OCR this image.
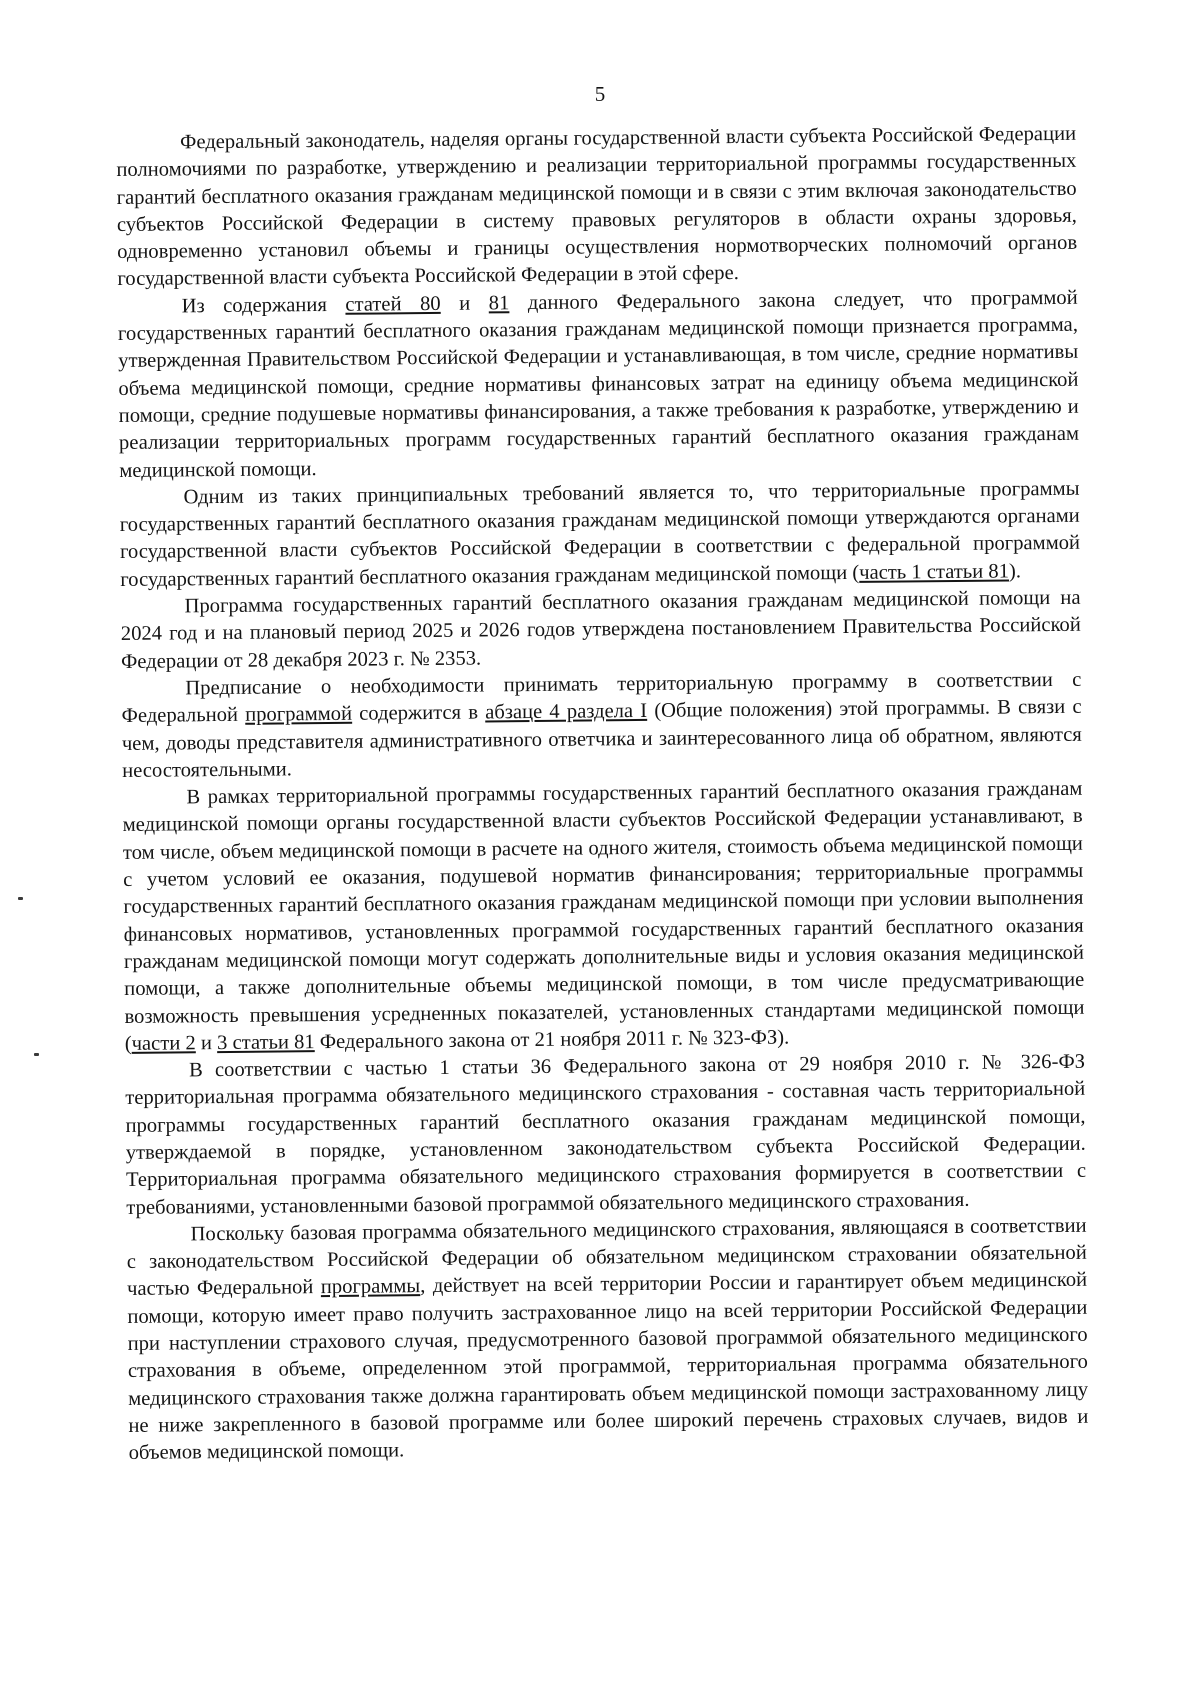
5

Федеральный законодатель, наделяя органы государственной власти субъекта Российской Федерации полномочиями по разработке, утверждению и реализации территориальной программы государственных гарантий бесплатного оказания гражданам медицинской помощи и в связи с этим включая законодательство субъектов Российской Федерации в систему правовых регуляторов в области охраны здоровья, одновременно установил объемы и границы осуществления нормотворческих полномочий органов государственной власти субъекта Российской Федерации в этой сфере.

Из содержания статей 80 и 81 данного Федерального закона следует, что программой государственных гарантий бесплатного оказания гражданам медицинской помощи признается программа, утвержденная Правительством Российской Федерации и устанавливающая, в том числе, средние нормативы объема медицинской помощи, средние нормативы финансовых затрат на единицу объема медицинской помощи, средние подушевые нормативы финансирования, а также требования к разработке, утверждению и реализации территориальных программ государственных гарантий бесплатного оказания гражданам медицинской помощи.

Одним из таких принципиальных требований является то, что территориальные программы государственных гарантий бесплатного оказания гражданам медицинской помощи утверждаются органами государственной власти субъектов Российской Федерации в соответствии с федеральной программой государственных гарантий бесплатного оказания гражданам медицинской помощи (часть 1 статьи 81).

Программа государственных гарантий бесплатного оказания гражданам медицинской помощи на 2024 год и на плановый период 2025 и 2026 годов утверждена постановлением Правительства Российской Федерации от 28 декабря 2023 г. № 2353.

Предписание о необходимости принимать территориальную программу в соответствии с Федеральной программой содержится в абзаце 4 раздела I (Общие положения) этой программы. В связи с чем, доводы представителя административного ответчика и заинтересованного лица об обратном, являются несостоятельными.

В рамках территориальной программы государственных гарантий бесплатного оказания гражданам медицинской помощи органы государственной власти субъектов Российской Федерации устанавливают, в том числе, объем медицинской помощи в расчете на одного жителя, стоимость объема медицинской помощи с учетом условий ее оказания, подушевой норматив финансирования; территориальные программы государственных гарантий бесплатного оказания гражданам медицинской помощи при условии выполнения финансовых нормативов, установленных программой государственных гарантий бесплатного оказания гражданам медицинской помощи могут содержать дополнительные виды и условия оказания медицинской помощи, а также дополнительные объемы медицинской помощи, в том числе предусматривающие возможность превышения усредненных показателей, установленных стандартами медицинской помощи (части 2 и 3 статьи 81 Федерального закона от 21 ноября 2011 г. № 323-ФЗ).

В соответствии с частью 1 статьи 36 Федерального закона от 29 ноября 2010 г. № 326-ФЗ территориальная программа обязательного медицинского страхования - составная часть территориальной программы государственных гарантий бесплатного оказания гражданам медицинской помощи, утверждаемой в порядке, установленном законодательством субъекта Российской Федерации. Территориальная программа обязательного медицинского страхования формируется в соответствии с требованиями, установленными базовой программой обязательного медицинского страхования.

Поскольку базовая программа обязательного медицинского страхования, являющаяся в соответствии с законодательством Российской Федерации об обязательном медицинском страховании обязательной частью Федеральной программы, действует на всей территории России и гарантирует объем медицинской помощи, которую имеет право получить застрахованное лицо на всей территории Российской Федерации при наступлении страхового случая, предусмотренного базовой программой обязательного медицинского страхования в объеме, определенном этой программой, территориальная программа обязательного медицинского страхования также должна гарантировать объем медицинской помощи застрахованному лицу не ниже закрепленного в базовой программе или более широкий перечень страховых случаев, видов и объемов медицинской помощи.
